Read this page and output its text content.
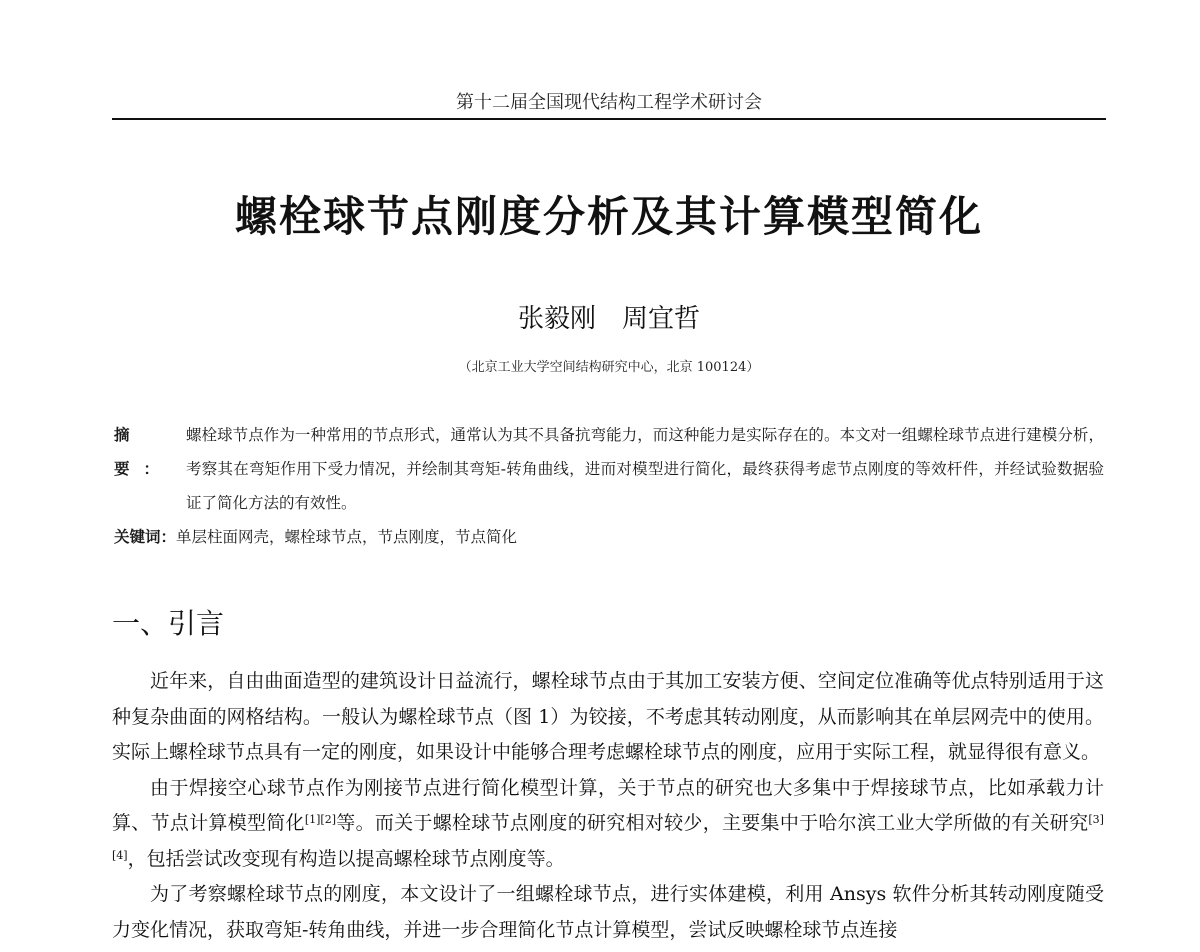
第十二届全国现代结构工程学术研讨会
螺栓球节点刚度分析及其计算模型简化
张毅刚　周宜哲
（北京工业大学空间结构研究中心，北京 100124）
摘要：
螺栓球节点作为一种常用的节点形式，通常认为其不具备抗弯能力，而这种能力是实际存在的。本文对一组螺栓球节点进行建模分析，考察其在弯矩作用下受力情况，并绘制其弯矩-转角曲线，进而对模型进行简化，最终获得考虑节点刚度的等效杆件，并经试验数据验证了简化方法的有效性。
关键词：单层柱面网壳，螺栓球节点，节点刚度，节点简化
一、引言

近年来，自由曲面造型的建筑设计日益流行，螺栓球节点由于其加工安装方便、空间定位准确等优点特别适用于这种复杂曲面的网格结构。一般认为螺栓球节点（图 1）为铰接，不考虑其转动刚度，从而影响其在单层网壳中的使用。实际上螺栓球节点具有一定的刚度，如果设计中能够合理考虑螺栓球节点的刚度，应用于实际工程，就显得很有意义。

由于焊接空心球节点作为刚接节点进行简化模型计算，关于节点的研究也大多集中于焊接球节点，比如承载力计算、节点计算模型简化[1][2]等。而关于螺栓球节点刚度的研究相对较少，主要集中于哈尔滨工业大学所做的有关研究[3][4]，包括尝试改变现有构造以提高螺栓球节点刚度等。

为了考察螺栓球节点的刚度，本文设计了一组螺栓球节点，进行实体建模，利用 Ansys 软件分析其转动刚度随受力变化情况，获取弯矩-转角曲线，并进一步合理简化节点计算模型，尝试反映螺栓球节点连接
